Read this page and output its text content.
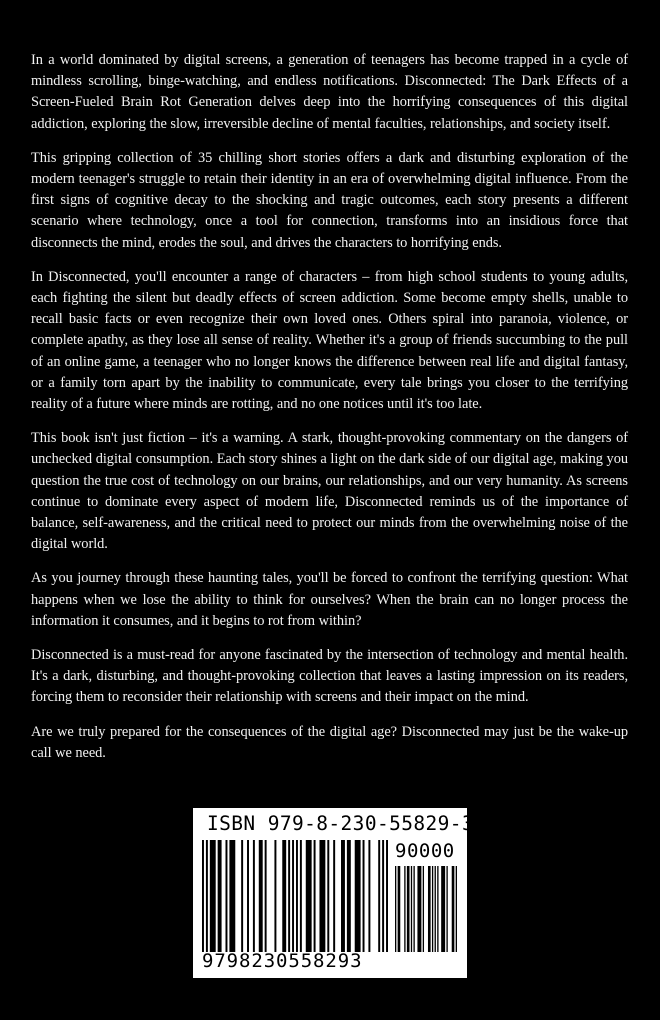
In a world dominated by digital screens, a generation of teenagers has become trapped in a cycle of mindless scrolling, binge-watching, and endless notifications. Disconnected: The Dark Effects of a Screen-Fueled Brain Rot Generation delves deep into the horrifying consequences of this digital addiction, exploring the slow, irreversible decline of mental faculties, relationships, and society itself.

This gripping collection of 35 chilling short stories offers a dark and disturbing exploration of the modern teenager's struggle to retain their identity in an era of overwhelming digital influence. From the first signs of cognitive decay to the shocking and tragic outcomes, each story presents a different scenario where technology, once a tool for connection, transforms into an insidious force that disconnects the mind, erodes the soul, and drives the characters to horrifying ends.

In Disconnected, you'll encounter a range of characters – from high school students to young adults, each fighting the silent but deadly effects of screen addiction. Some become empty shells, unable to recall basic facts or even recognize their own loved ones. Others spiral into paranoia, violence, or complete apathy, as they lose all sense of reality. Whether it's a group of friends succumbing to the pull of an online game, a teenager who no longer knows the difference between real life and digital fantasy, or a family torn apart by the inability to communicate, every tale brings you closer to the terrifying reality of a future where minds are rotting, and no one notices until it's too late.

This book isn't just fiction – it's a warning. A stark, thought-provoking commentary on the dangers of unchecked digital consumption. Each story shines a light on the dark side of our digital age, making you question the true cost of technology on our brains, our relationships, and our very humanity. As screens continue to dominate every aspect of modern life, Disconnected reminds us of the importance of balance, self-awareness, and the critical need to protect our minds from the overwhelming noise of the digital world.

As you journey through these haunting tales, you'll be forced to confront the terrifying question: What happens when we lose the ability to think for ourselves? When the brain can no longer process the information it consumes, and it begins to rot from within?

Disconnected is a must-read for anyone fascinated by the intersection of technology and mental health. It's a dark, disturbing, and thought-provoking collection that leaves a lasting impression on its readers, forcing them to reconsider their relationship with screens and their impact on the mind.

Are we truly prepared for the consequences of the digital age? Disconnected may just be the wake-up call we need.

ISBN 979-8-230-55829-3
90000
9798230558293
